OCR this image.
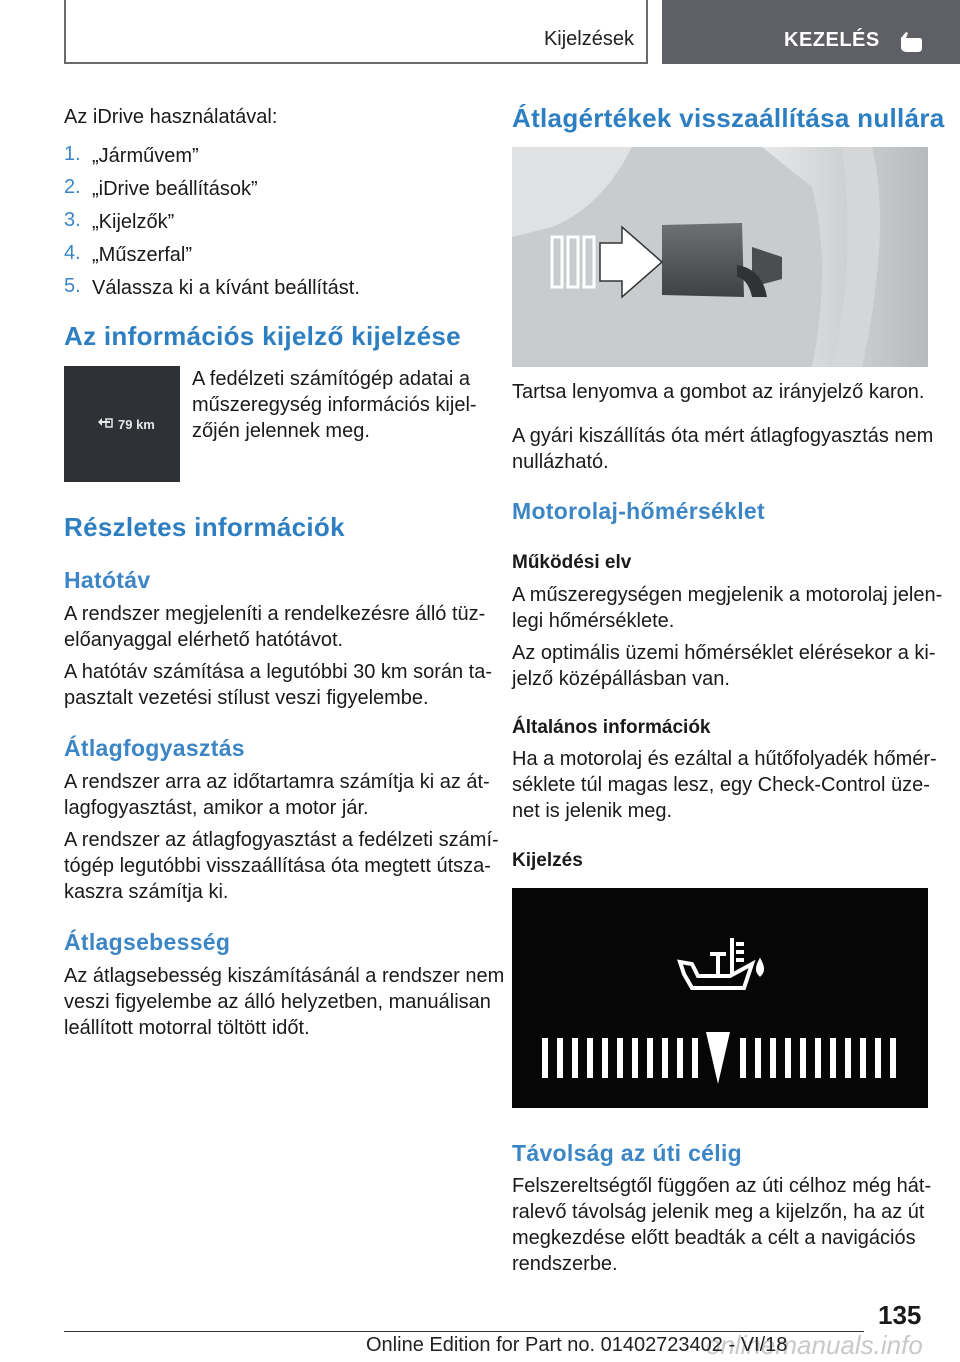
Kijelzések	KEZELÉS
Az iDrive használatával:
1. „Járművem”
2. „iDrive beállítások”
3. „Kijelzők”
4. „Műszerfal”
5. Válassza ki a kívánt beállítást.
Az információs kijelző kijelzése
79 km
A fedélzeti számítógép adatai a
műszeregység információs kijel-
zőjén jelennek meg.
Részletes információk
Hatótáv
A rendszer megjeleníti a rendelkezésre álló tüz-
előanyaggal elérhető hatótávot.
A hatótáv számítása a legutóbbi 30 km során ta-
pasztalt vezetési stílust veszi figyelembe.
Átlagfogyasztás
A rendszer arra az időtartamra számítja ki az át-
lagfogyasztást, amikor a motor jár.
A rendszer az átlagfogyasztást a fedélzeti számí-
tógép legutóbbi visszaállítása óta megtett útsza-
kaszra számítja ki.
Átlagsebesség
Az átlagsebesség kiszámításánál a rendszer nem
veszi figyelembe az álló helyzetben, manuálisan
leállított motorral töltött időt.
Átlagértékek visszaállítása nullára
Tartsa lenyomva a gombot az irányjelző karon.
A gyári kiszállítás óta mért átlagfogyasztás nem
nullázható.
Motorolaj-hőmérséklet
Működési elv
A műszeregységen megjelenik a motorolaj jelen-
legi hőmérséklete.
Az optimális üzemi hőmérséklet elérésekor a ki-
jelző középállásban van.
Általános információk
Ha a motorolaj és ezáltal a hűtőfolyadék hőmér-
séklete túl magas lesz, egy Check-Control üze-
net is jelenik meg.
Kijelzés
Távolság az úti célig
Felszereltségtől függően az úti célhoz még hát-
ralevő távolság jelenik meg a kijelzőn, ha az út
megkezdése előtt beadták a célt a navigációs
rendszerbe.
135
onlinemanuals.info
Online Edition for Part no. 01402723402 - VI/18
